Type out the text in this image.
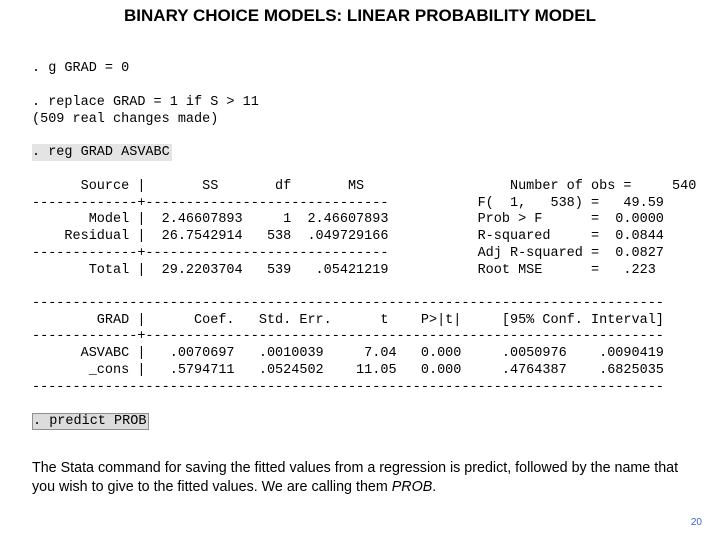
BINARY CHOICE MODELS: LINEAR PROBABILITY MODEL
. g GRAD = 0
. replace GRAD = 1 if S > 11
(509 real changes made)
. reg GRAD ASVABC
Source |       SS       df       MS                  Number of obs =     540
-------------+------------------------------           F(  1,   538) =   49.59
Model |  2.46607893     1  2.46607893           Prob > F      =  0.0000
Residual |  26.7542914   538  .049729166           R-squared     =  0.0844
-------------+------------------------------           Adj R-squared =  0.0827
Total |  29.2203704   539   .05421219           Root MSE      =   .223
------------------------------------------------------------------------------
GRAD |      Coef.   Std. Err.      t    P>|t|     [95% Conf. Interval]
-------------+----------------------------------------------------------------
ASVABC |   .0070697   .0010039     7.04   0.000     .0050976    .0090419
_cons |   .5794711   .0524502    11.05   0.000     .4764387    .6825035
------------------------------------------------------------------------------
. predict PROB
The Stata command for saving the fitted values from a regression is predict, followed by the name that you wish to give to the fitted values. We are calling them PROB.
20
